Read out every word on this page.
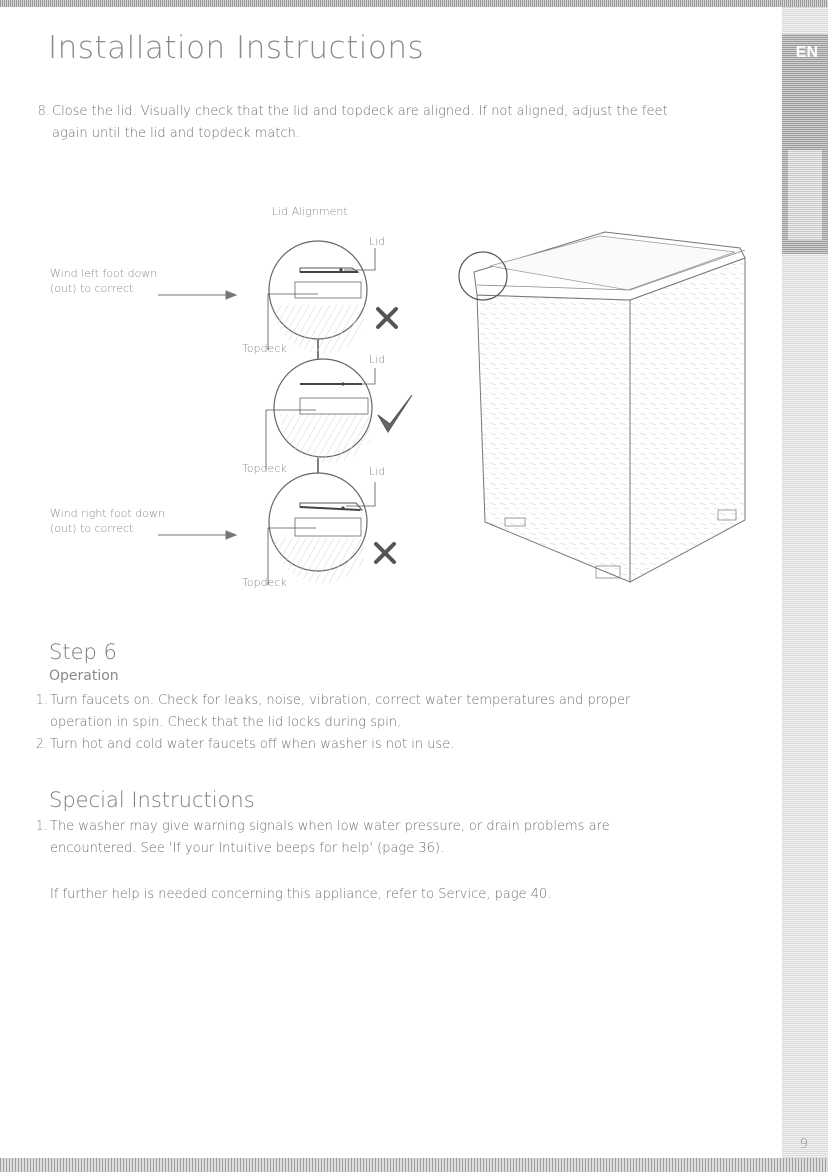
EN
Installation Instructions
8. Close the lid. Visually check that the lid and topdeck are aligned. If not aligned, adjust the feet
again until the lid and topdeck match.
Lid Alignment
Lid
Lid
Lid
Topdeck
Topdeck
Topdeck
Wind left foot down
(out) to correct
Wind right foot down
(out) to correct
Step 6
Operation
1. Turn faucets on. Check for leaks, noise, vibration, correct water temperatures and proper
operation in spin. Check that the lid locks during spin.
2. Turn hot and cold water faucets off when washer is not in use.
Special Instructions
1. The washer may give warning signals when low water pressure, or drain problems are
encountered. See 'If your Intuitive beeps for help' (page 36).
If further help is needed concerning this appliance, refer to Service, page 40.
9
